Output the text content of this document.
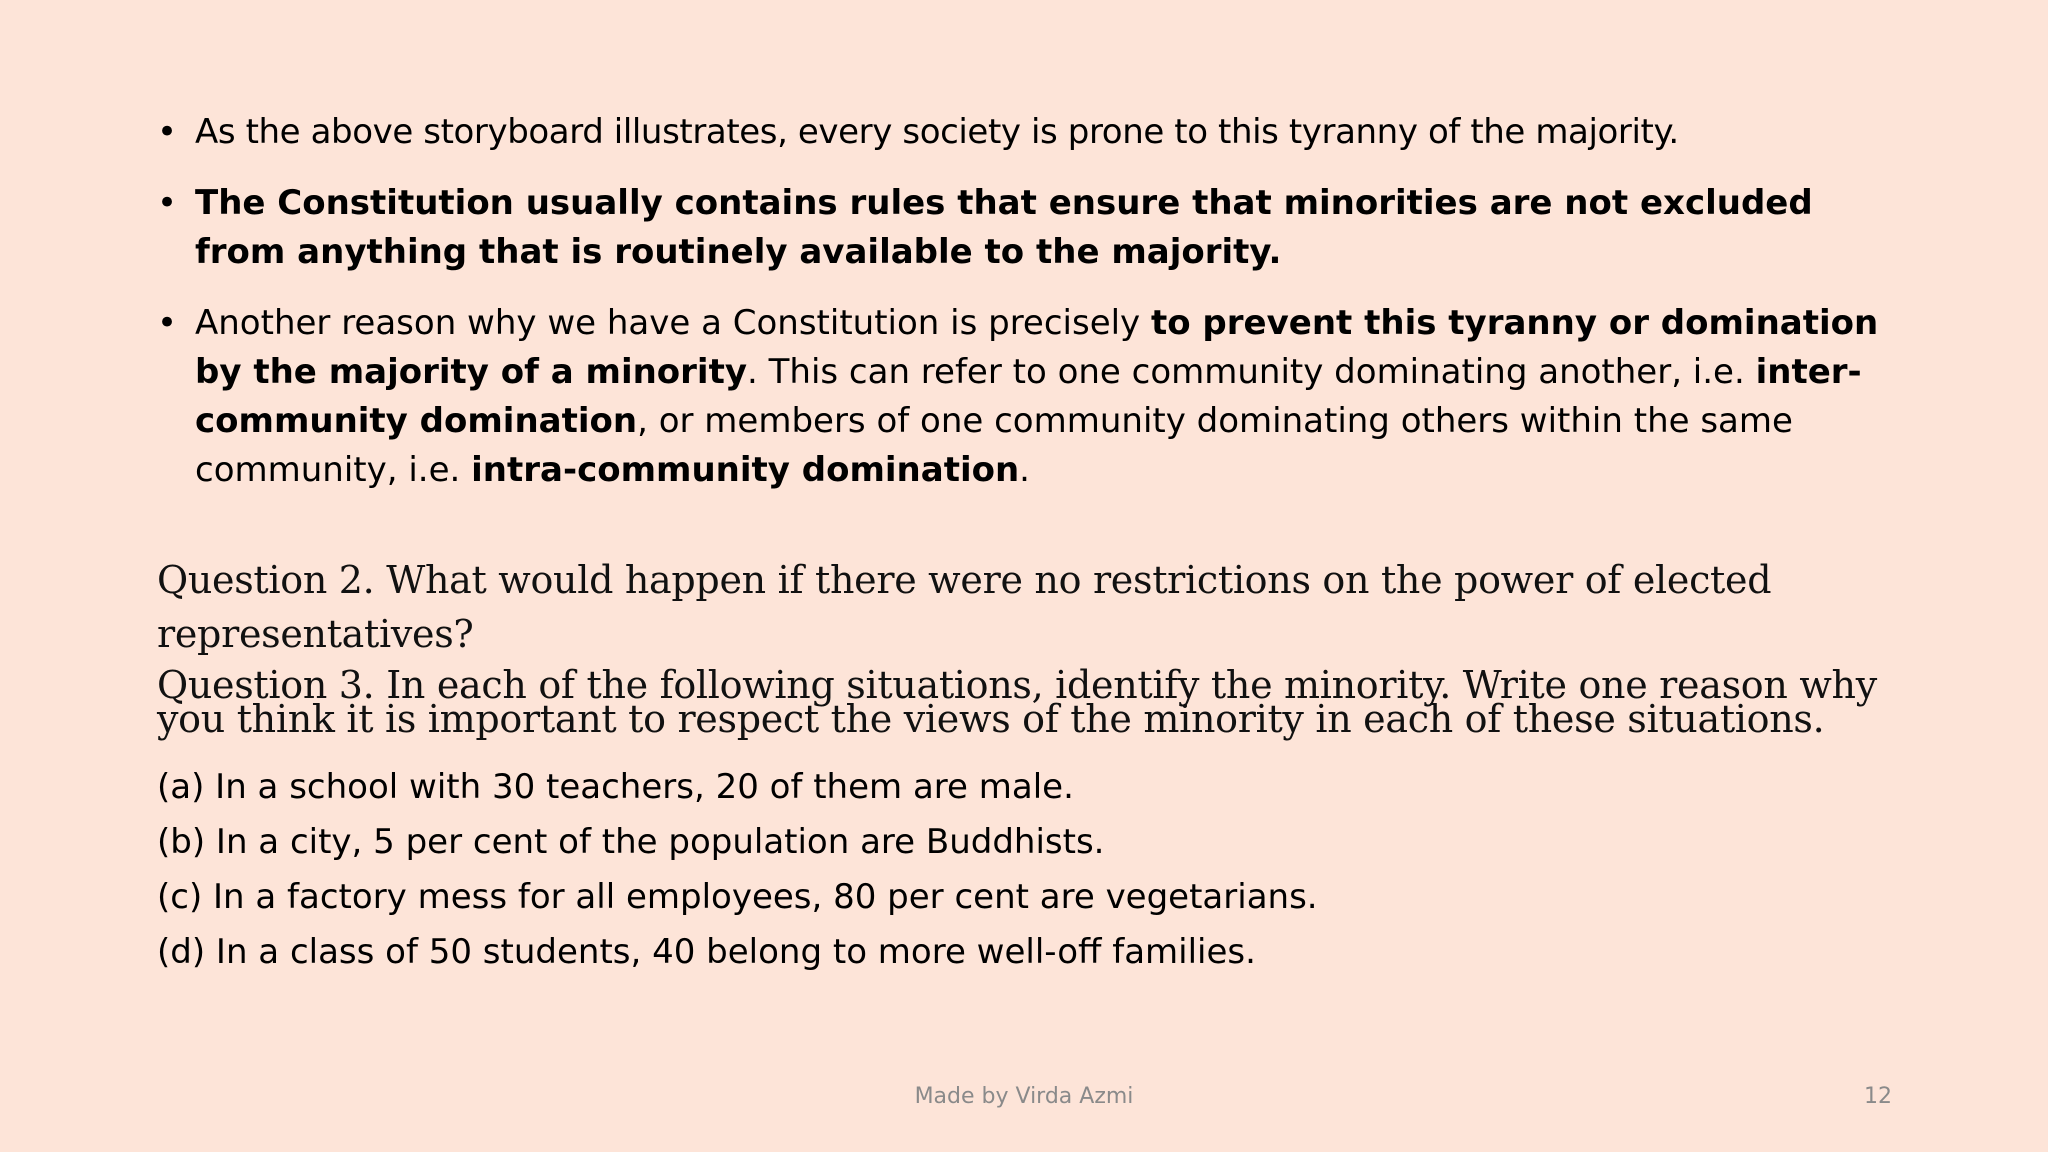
• As the above storyboard illustrates, every society is prone to this tyranny of the majority.
• The Constitution usually contains rules that ensure that minorities are not excluded from anything that is routinely available to the majority.
• Another reason why we have a Constitution is precisely to prevent this tyranny or domination by the majority of a minority. This can refer to one community dominating another, i.e. inter-community domination, or members of one community dominating others within the same community, i.e. intra-community domination.

Question 2. What would happen if there were no restrictions on the power of elected representatives?

Question 3. In each of the following situations, identify the minority. Write one reason why you think it is important to respect the views of the minority in each of these situations.

(a) In a school with 30 teachers, 20 of them are male.
(b) In a city, 5 per cent of the population are Buddhists.
(c) In a factory mess for all employees, 80 per cent are vegetarians.
(d) In a class of 50 students, 40 belong to more well-off families.
Made by Virda Azmi	12
